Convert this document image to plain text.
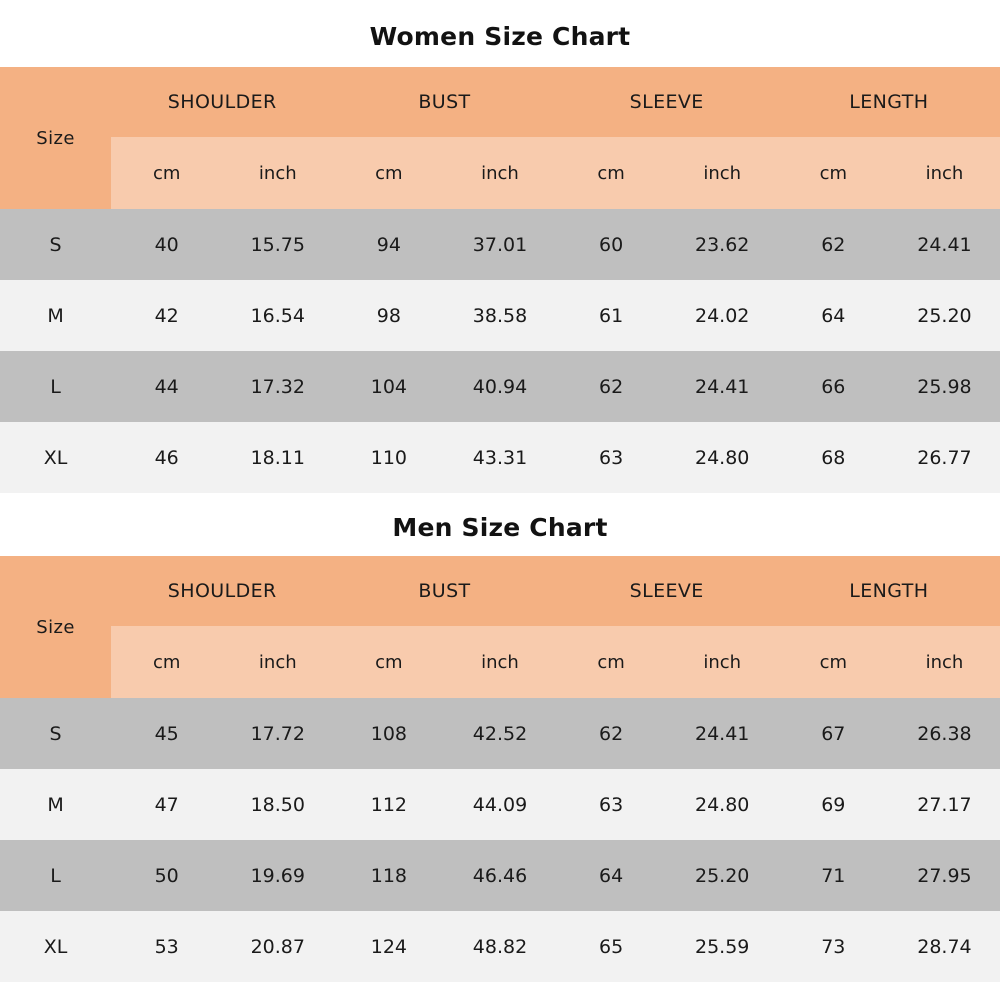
Women Size Chart
Size	SHOULDER		BUST		SLEEVE		LENGTH	
	cm	inch	cm	inch	cm	inch	cm	inch
S	40	15.75	94	37.01	60	23.62	62	24.41
M	42	16.54	98	38.58	61	24.02	64	25.20
L	44	17.32	104	40.94	62	24.41	66	25.98
XL	46	18.11	110	43.31	63	24.80	68	26.77
Men Size Chart
Size	SHOULDER		BUST		SLEEVE		LENGTH	
	cm	inch	cm	inch	cm	inch	cm	inch
S	45	17.72	108	42.52	62	24.41	67	26.38
M	47	18.50	112	44.09	63	24.80	69	27.17
L	50	19.69	118	46.46	64	25.20	71	27.95
XL	53	20.87	124	48.82	65	25.59	73	28.74
